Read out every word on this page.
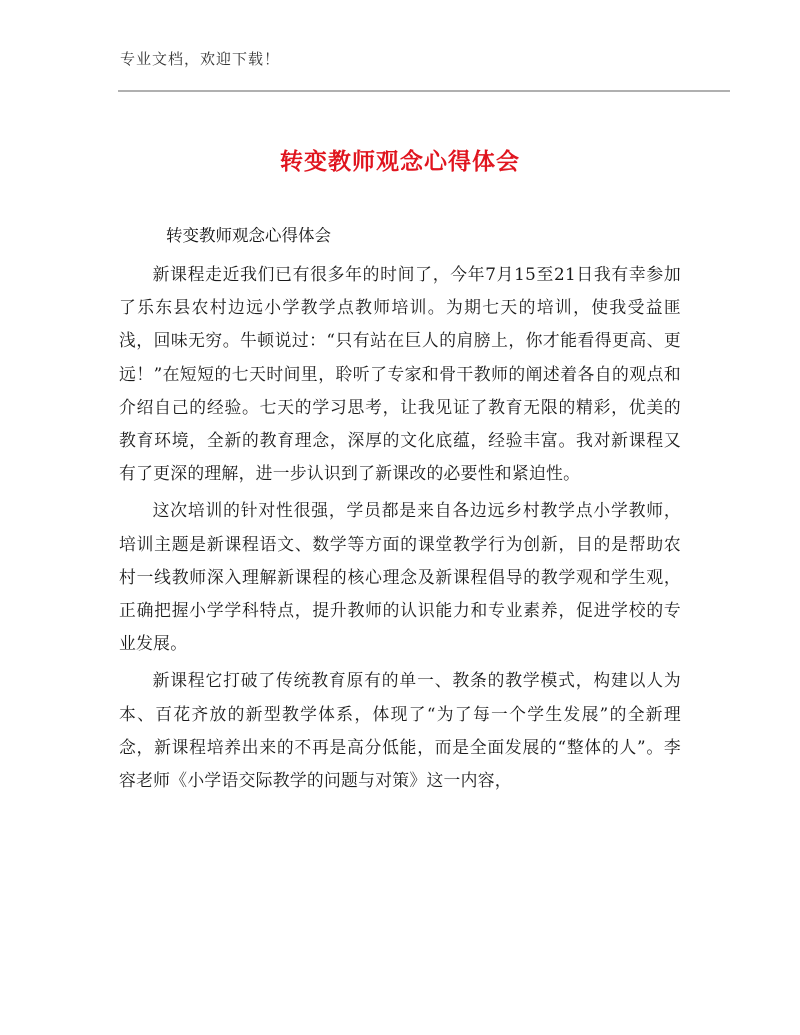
专业文档，欢迎下载！
转变教师观念心得体会
转变教师观念心得体会

新课程走近我们已有很多年的时间了，今年7月15至21日我有幸参加了乐东县农村边远小学教学点教师培训。为期七天的培训，使我受益匪浅，回味无穷。牛顿说过：“只有站在巨人的肩膀上，你才能看得更高、更远！”在短短的七天时间里，聆听了专家和骨干教师的阐述着各自的观点和介绍自己的经验。七天的学习思考，让我见证了教育无限的精彩，优美的教育环境，全新的教育理念，深厚的文化底蕴，经验丰富。我对新课程又有了更深的理解，进一步认识到了新课改的必要性和紧迫性。

这次培训的针对性很强，学员都是来自各边远乡村教学点小学教师，培训主题是新课程语文、数学等方面的课堂教学行为创新，目的是帮助农村一线教师深入理解新课程的核心理念及新课程倡导的教学观和学生观，正确把握小学学科特点，提升教师的认识能力和专业素养，促进学校的专业发展。

新课程它打破了传统教育原有的单一、教条的教学模式，构建以人为本、百花齐放的新型教学体系，体现了“为了每一个学生发展”的全新理念，新课程培养出来的不再是高分低能，而是全面发展的“整体的人”。李容老师《小学语交际教学的问题与对策》这一内容，
